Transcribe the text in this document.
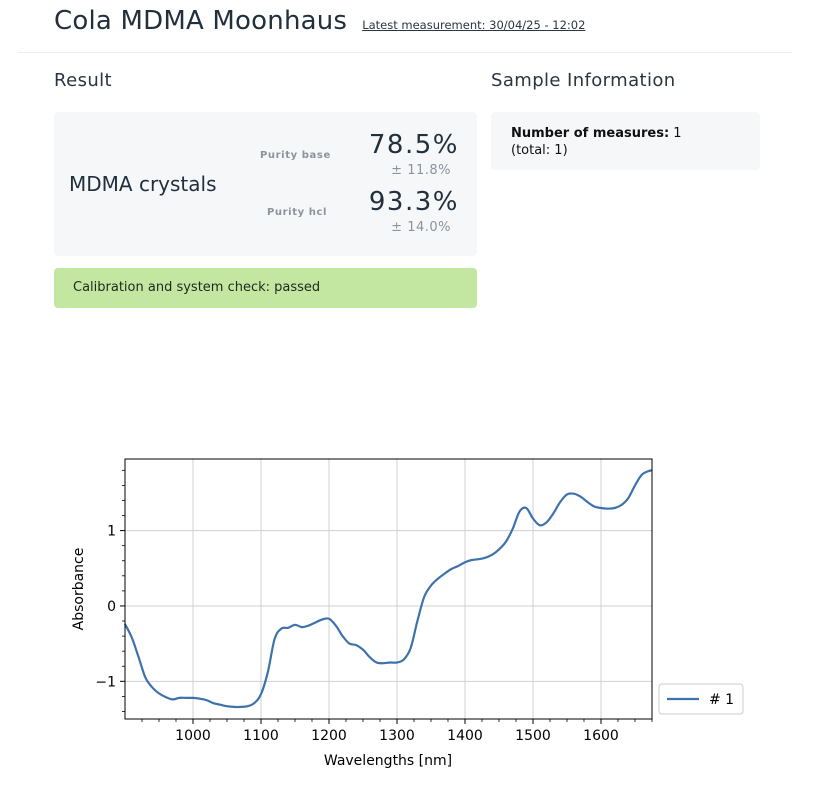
Cola MDMA Moonhaus Latest measurement: 30/04/25 - 12:02
Result	Sample Information
MDMA crystals
Purity base 78.5%
± 11.8%
Purity hcl 93.3%
± 14.0%
Calibration and system check: passed
Number of measures: 1
(total: 1)
1000 1100 1200 1300 1400 1500 1600
−1
0
1
Wavelengths [nm]
Absorbance
# 1
